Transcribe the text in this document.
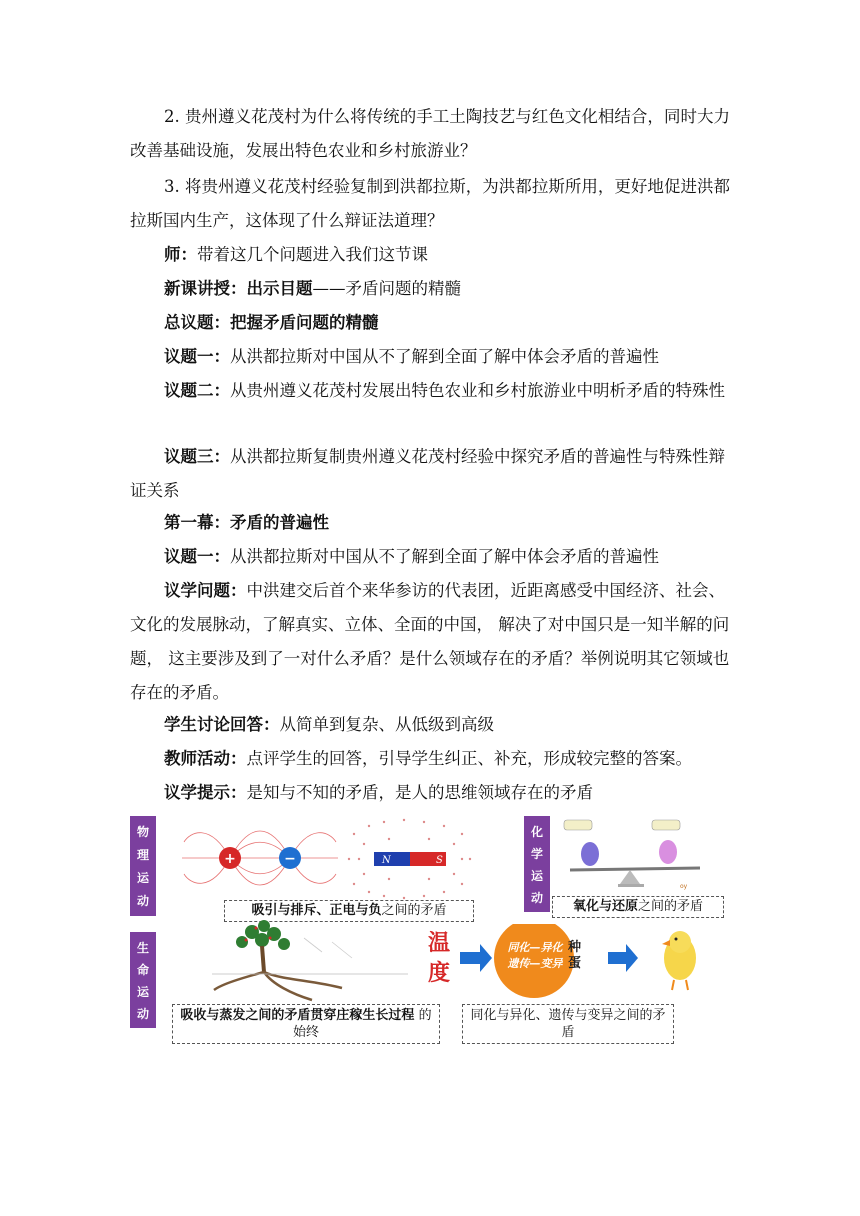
2. 贵州遵义花茂村为什么将传统的手工土陶技艺与红色文化相结合，同时大力改善基础设施，发展出特色农业和乡村旅游业？
3. 将贵州遵义花茂村经验复制到洪都拉斯，为洪都拉斯所用，更好地促进洪都拉斯国内生产，这体现了什么辩证法道理？
师：带着这几个问题进入我们这节课
新课讲授：出示目题——矛盾问题的精髓
总议题：把握矛盾问题的精髓
议题一：从洪都拉斯对中国从不了解到全面了解中体会矛盾的普遍性
议题二：从贵州遵义花茂村发展出特色农业和乡村旅游业中明析矛盾的特殊性
议题三：从洪都拉斯复制贵州遵义花茂村经验中探究矛盾的普遍性与特殊性辩证关系
第一幕：矛盾的普遍性
议题一：从洪都拉斯对中国从不了解到全面了解中体会矛盾的普遍性
议学问题：中洪建交后首个来华参访的代表团，近距离感受中国经济、社会、文化的发展脉动，了解真实、立体、全面的中国， 解决了对中国只是一知半解的问题， 这主要涉及到了一对什么矛盾？是什么领域存在的矛盾？举例说明其它领域也存在的矛盾。
学生讨论回答：从简单到复杂、从低级到高级
教师活动：点评学生的回答，引导学生纠正、补充，形成较完整的答案。
议学提示：是知与不知的矛盾，是人的思维领域存在的矛盾
物
理
运
动
+	−	N	S
吸引与排斥、正电与负之间的矛盾
化
学
运
动
oy
氧化与还原之间的矛盾
生
命
运
动	吸收与蒸发之间的矛盾贯穿庄稼生长过程 的始终
温度
同化—异化
遗传—变异
种蛋
同化与异化、遗传与变异之间的矛盾
